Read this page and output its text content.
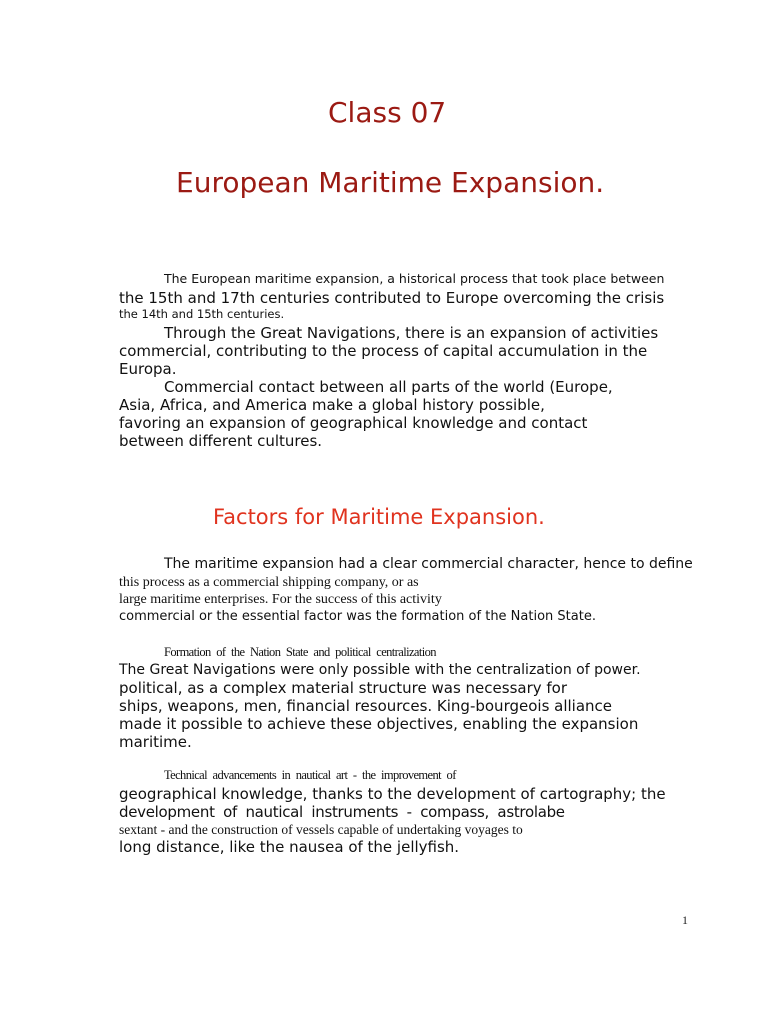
Class 07
European Maritime Expansion.
The European maritime expansion, a historical process that took place between
the 15th and 17th centuries contributed to Europe overcoming the crisis
the 14th and 15th centuries.
Through the Great Navigations, there is an expansion of activities
commercial, contributing to the process of capital accumulation in the
Europa.
Commercial contact between all parts of the world (Europe,
Asia, Africa, and America make a global history possible,
favoring an expansion of geographical knowledge and contact
between different cultures.
Factors for Maritime Expansion.
The maritime expansion had a clear commercial character, hence to define
this process as a commercial shipping company, or as
large maritime enterprises. For the success of this activity
commercial or the essential factor was the formation of the Nation State.
Formation of the Nation State and political centralization
The Great Navigations were only possible with the centralization of power.
political, as a complex material structure was necessary for
ships, weapons, men, financial resources. King-bourgeois alliance
made it possible to achieve these objectives, enabling the expansion
maritime.
Technical advancements in nautical art - the improvement of
geographical knowledge, thanks to the development of cartography; the
development of nautical instruments - compass, astrolabe
sextant - and the construction of vessels capable of undertaking voyages to
long distance, like the nausea of the jellyfish.
1
